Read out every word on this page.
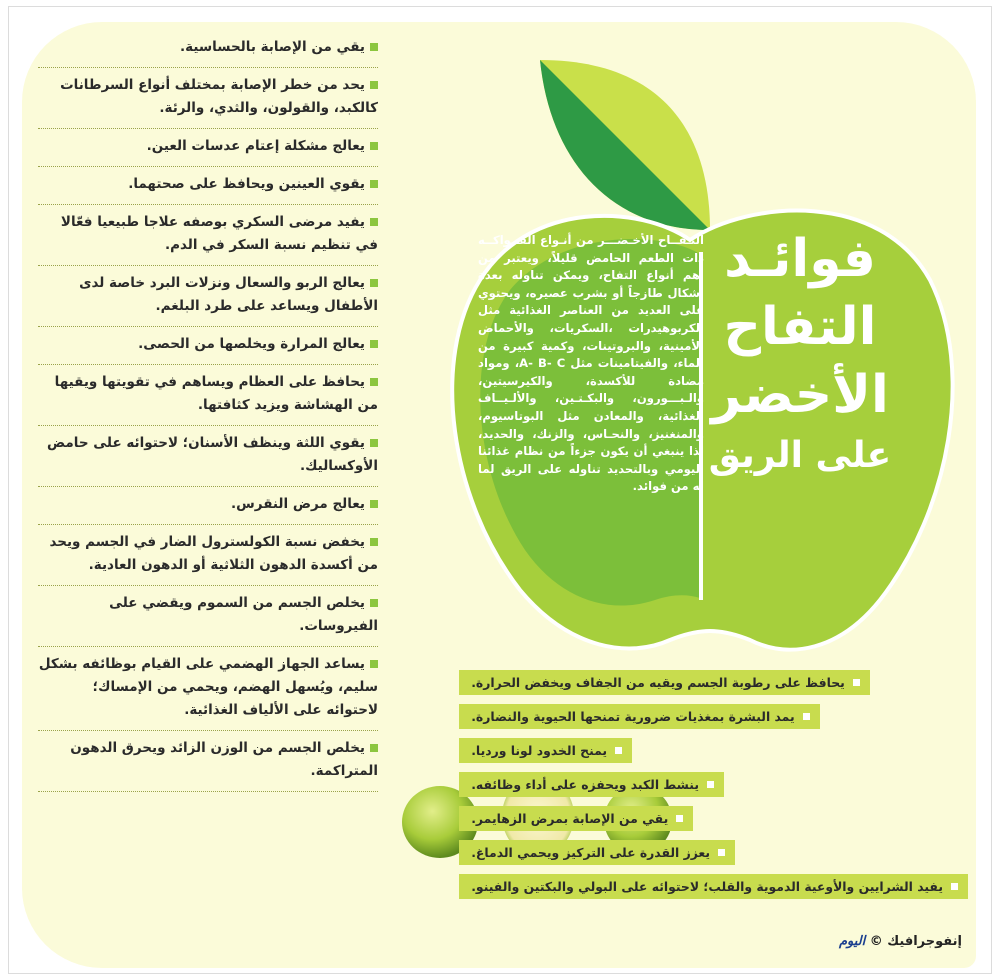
يقي من الإصابة بالحساسية.
يحد من خطر الإصابة بمختلف أنواع السرطانات كالكبد، والقولون، والثدي، والرئة.
يعالج مشكلة إعتام عدسات العين.
يقوي العينين ويحافظ على صحتهما.
يفيد مرضى السكري بوصفه علاجا طبيعيا فعّالا في تنظيم نسبة السكر في الدم.
يعالج الربو والسعال ونزلات البرد خاصة لدى الأطفال ويساعد على طرد البلغم.
يعالج المرارة ويخلصها من الحصى.
يحافظ على العظام ويساهم في تقويتها ويقيها من الهشاشة ويزيد كثافتها.
يقوي اللثة وينظف الأسنان؛ لاحتوائه على حامض الأوكساليك.
يعالج مرض النقرس.
يخفض نسبة الكولسترول الضار في الجسم ويحد من أكسدة الدهون الثلاثية أو الدهون العادية.
يخلص الجسم من السموم ويقضي على الفيروسات.
يساعد الجهاز الهضمي على القيام بوظائفه بشكل سليم، ويُسهل الهضم، ويحمي من الإمساك؛ لاحتوائه على الألياف الغذائية.
يخلص الجسم من الوزن الزائد ويحرق الدهون المتراكمة.
فوائـد
التفاح
الأخضر
على الريق
التـفــاح الأخـضـــر من أنـواع الفــواكــه ذات الطعم الحامض قليلاً، ويعتبر من أهم أنواع التفاح، ويمكن تناوله بعدة أشكال طازجاً أو بشرب عصيره، ويحتوي على العديد من العناصر الغذائية مثل الكربوهيدرات ،السكريات، والأحماض الأمينية، والبروتينات، وكمية كبيرة من الماء، والفيتامينات مثل A- B- C، ومواد مضادة للأكسدة، والكيرسيتين، والـبـــورون، والبكـتـين، والألـيــاف الغذائية، والمعادن مثل البوتاسيوم، والمنغنيز، والنحـاس، والزنك، والحديد، لذا ينبغي أن يكون جزءاً من نظام غذائنا اليومي وبالتحديد تناوله على الريق لما له من فوائد.
يحافظ على رطوبة الجسم ويقيه من الجفاف ويخفض الحرارة.
يمد البشرة بمغذيات ضرورية تمنحها الحيوية والنضارة.
يمنح الخدود لونا ورديا.
ينشط الكبد ويحفزه على أداء وظائفه.
يقي من الإصابة بمرض الزهايمر.
يعزز القدرة على التركيز ويحمي الدماغ.
يفيد الشرايين والأوعية الدموية والقلب؛ لاحتوائه على البولي والبكتين والفينو.
إنفوجرافيك © اليوم
